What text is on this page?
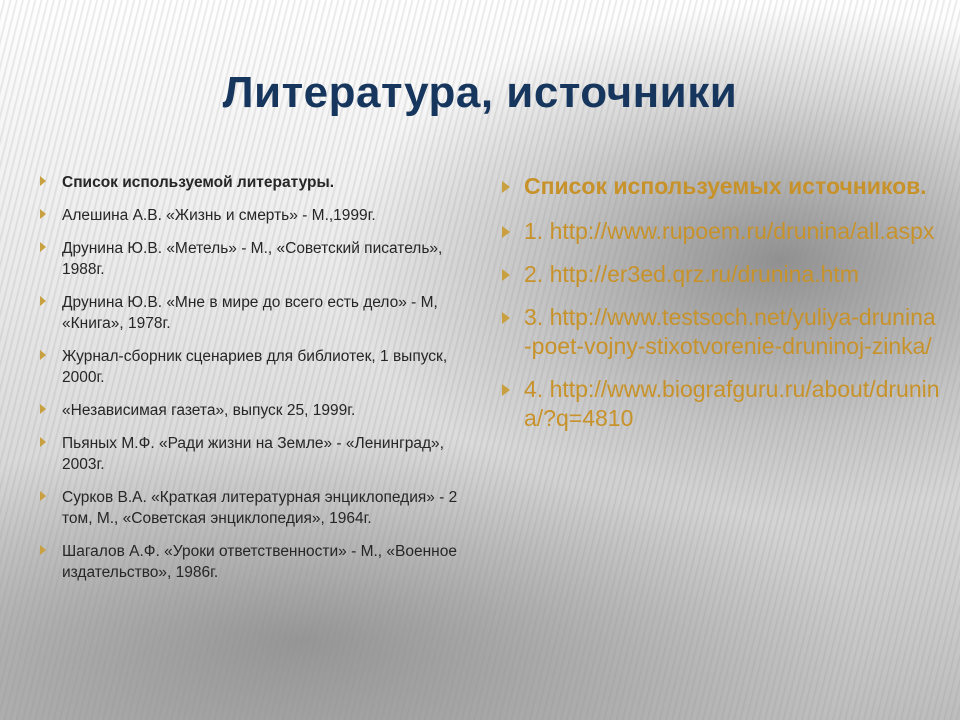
Литература, источники
Список используемой литературы.
Алешина А.В. «Жизнь и смерть» - М.,1999г.
Друнина Ю.В. «Метель» - М., «Советский писатель», 1988г.
Друнина Ю.В. «Мне в мире до всего есть дело» - М, «Книга», 1978г.
Журнал-сборник сценариев для библиотек, 1 выпуск, 2000г.
«Независимая газета», выпуск 25, 1999г.
Пьяных М.Ф. «Ради жизни на Земле» - «Ленинград», 2003г.
Сурков В.А. «Краткая литературная энциклопедия» - 2 том, М., «Советская энциклопедия», 1964г.
Шагалов А.Ф. «Уроки ответственности» - М., «Военное издательство», 1986г.
Список используемых источников.
1. http://www.rupoem.ru/drunina/all.aspx
2. http://er3ed.qrz.ru/drunina.htm
3. http://www.testsoch.net/yuliya-drunina-poet-vojny-stixotvorenie-druninoj-zinka/
4. http://www.biografguru.ru/about/drunina/?q=4810
